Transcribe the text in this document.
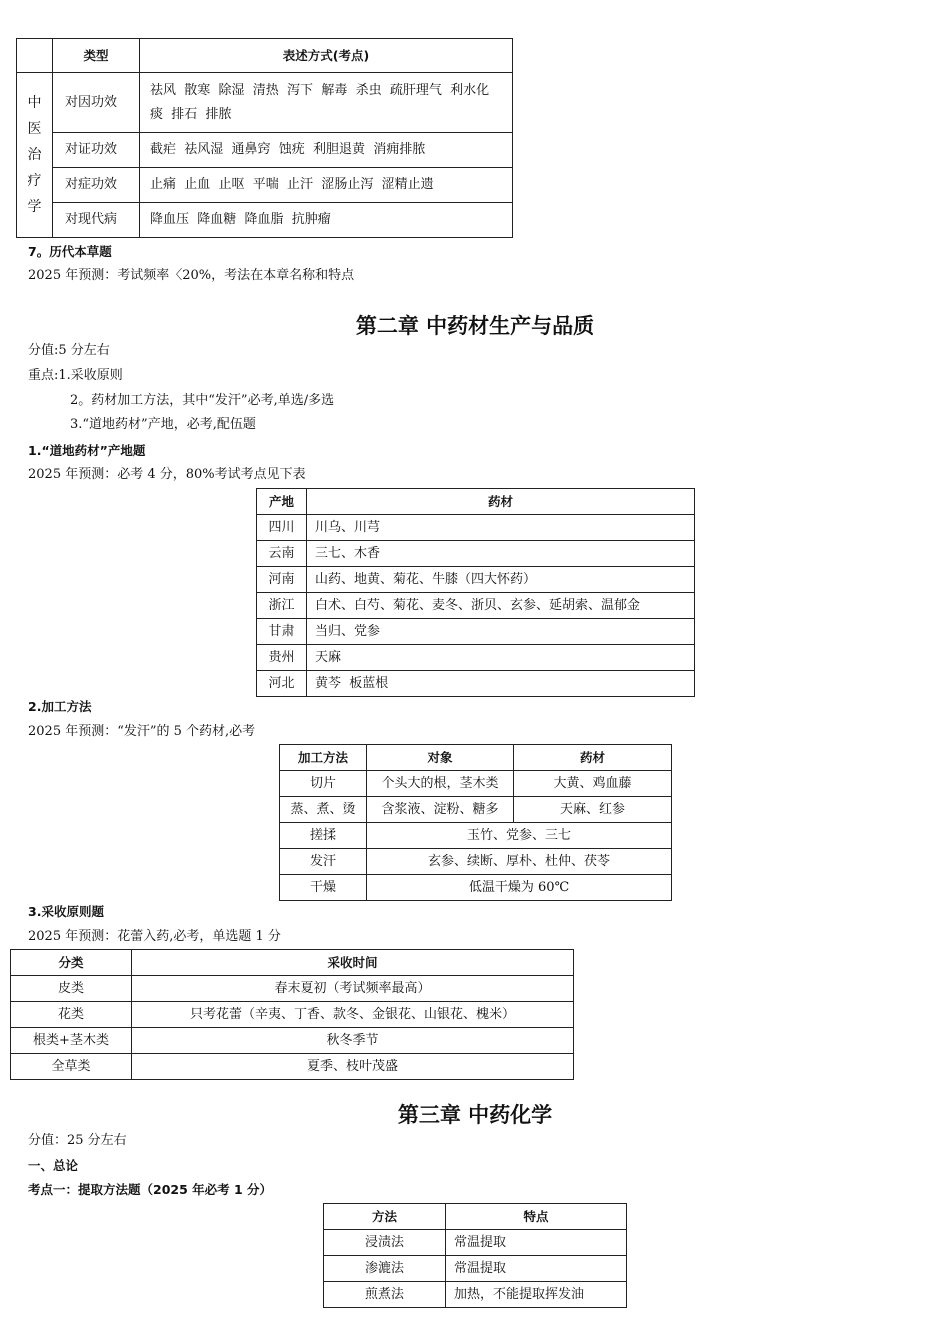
	类型	表述方式(考点)

中
医
治
疗
学	对因功效	祛风  散寒  除湿  清热  泻下  解毒  杀虫  疏肝理气  利水化痰  排石  排脓
	对证功效	截疟  祛风湿  通鼻窍  蚀疣  利胆退黄  消痈排脓
	对症功效	止痛  止血  止呕  平喘  止汗  涩肠止泻  涩精止遗
	对现代病	降血压  降血糖  降血脂  抗肿瘤
7。历代本草题
2025 年预测：考试频率〈20%，考法在本章名称和特点
第二章 中药材生产与品质
分值:5 分左右
重点:1.采收原则
2。药材加工方法，其中“发汗”必考,单选/多选
3.“道地药材”产地，必考,配伍题
1.“道地药材”产地题
2025 年预测：必考 4 分，80%考试考点见下表
产地	药材
四川	川乌、川芎
云南	三七、木香
河南	山药、地黄、菊花、牛膝（四大怀药）
浙江	白术、白芍、菊花、麦冬、浙贝、玄参、延胡索、温郁金
甘肃	当归、党参
贵州	天麻
河北	黄芩  板蓝根
2.加工方法
2025 年预测：“发汗”的 5 个药材,必考
加工方法	对象	药材
切片	个头大的根，茎木类	大黄、鸡血藤
蒸、煮、烫	含浆液、淀粉、糖多	天麻、红参
搓揉	玉竹、党参、三七	
发汗	玄参、续断、厚朴、杜仲、茯苓	
干燥	低温干燥为 60℃	
3.采收原则题
2025 年预测：花蕾入药,必考，单选题 1 分
分类	采收时间
皮类	春末夏初（考试频率最高）
花类	只考花蕾（辛夷、丁香、款冬、金银花、山银花、槐米）
根类+茎木类	秋冬季节
全草类	夏季、枝叶茂盛
第三章 中药化学
分值：25 分左右
一、总论
考点一：提取方法题（2025 年必考 1 分）
方法	特点
浸渍法	常温提取
渗漉法	常温提取
煎煮法	加热，不能提取挥发油
